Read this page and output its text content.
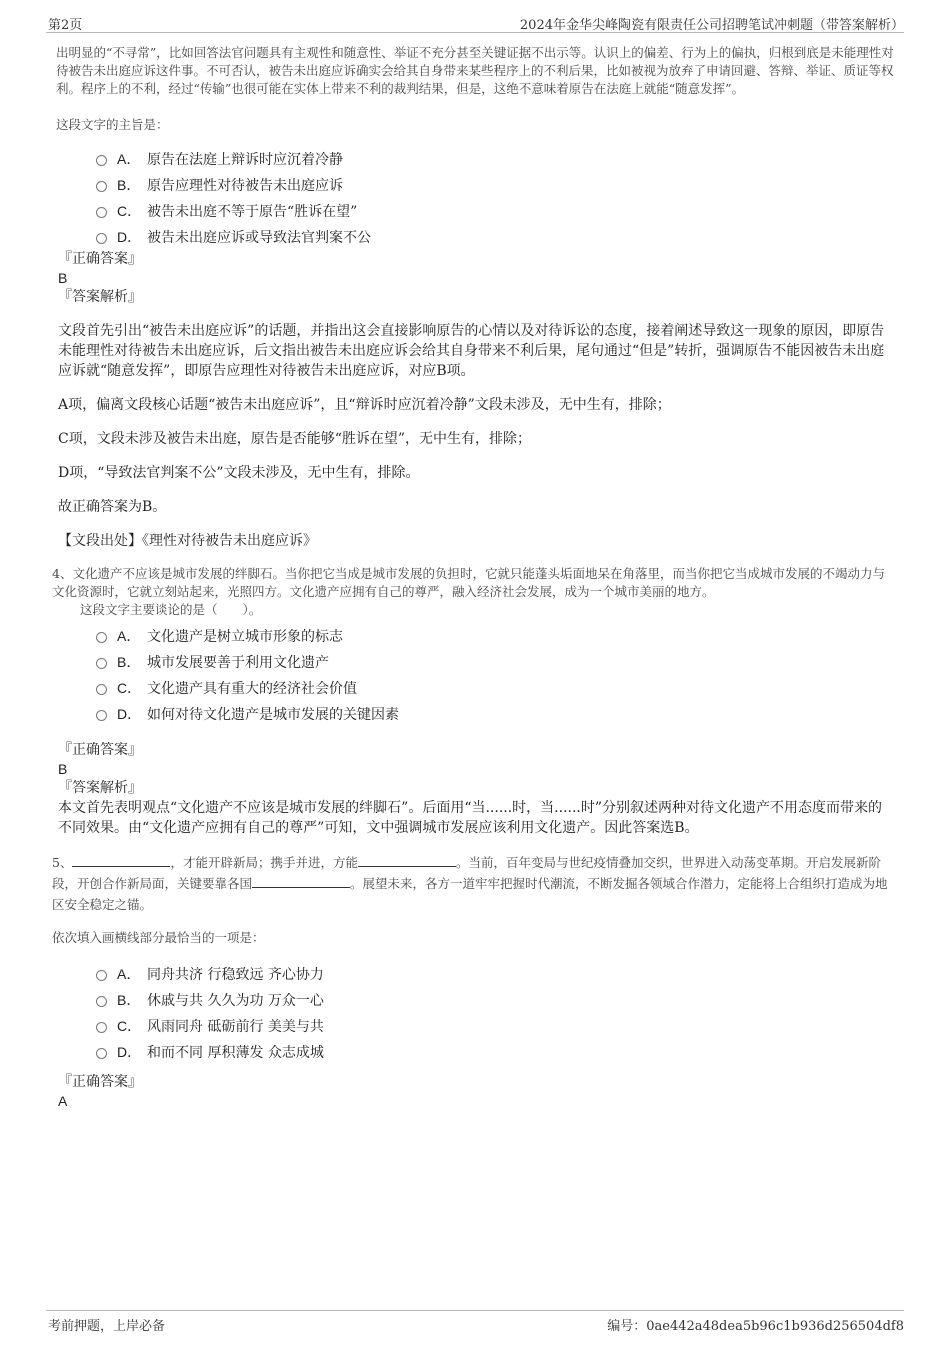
第2页	2024年金华尖峰陶瓷有限责任公司招聘笔试冲刺题（带答案解析）

出明显的“不寻常”，比如回答法官问题具有主观性和随意性、举证不充分甚至关键证据不出示等。认识上的偏差、行为上的偏执，归根到底是未能理性对待被告未出庭应诉这件事。不可否认，被告未出庭应诉确实会给其自身带来某些程序上的不利后果，比如被视为放弃了申请回避、答辩、举证、质证等权利。程序上的不利，经过“传输”也很可能在实体上带来不利的裁判结果，但是，这绝不意味着原告在法庭上就能“随意发挥”。

这段文字的主旨是：

A． 原告在法庭上辩诉时应沉着冷静
B． 原告应理性对待被告未出庭应诉
C． 被告未出庭不等于原告“胜诉在望”
D． 被告未出庭应诉或导致法官判案不公

『正确答案』

B

『答案解析』

文段首先引出“被告未出庭应诉”的话题，并指出这会直接影响原告的心情以及对待诉讼的态度，接着阐述导致这一现象的原因，即原告未能理性对待被告未出庭应诉，后文指出被告未出庭应诉会给其自身带来不利后果，尾句通过“但是”转折，强调原告不能因被告未出庭应诉就“随意发挥”，即原告应理性对待被告未出庭应诉，对应B项。

A项，偏离文段核心话题“被告未出庭应诉”，且“辩诉时应沉着冷静”文段未涉及，无中生有，排除；

C项，文段未涉及被告未出庭，原告是否能够“胜诉在望”，无中生有，排除；

D项，“导致法官判案不公”文段未涉及，无中生有，排除。

故正确答案为B。

【文段出处】《理性对待被告未出庭应诉》

4、文化遗产不应该是城市发展的绊脚石。当你把它当成是城市发展的负担时，它就只能蓬头垢面地呆在角落里，而当你把它当成城市发展的不竭动力与文化资源时，它就立刻站起来，光照四方。文化遗产应拥有自己的尊严，融入经济社会发展，成为一个城市美丽的地方。

这段文字主要谈论的是（　　）。

A． 文化遗产是树立城市形象的标志
B． 城市发展要善于利用文化遗产
C． 文化遗产具有重大的经济社会价值
D． 如何对待文化遗产是城市发展的关键因素

『正确答案』

B

『答案解析』

本文首先表明观点“文化遗产不应该是城市发展的绊脚石”。后面用“当......时，当......时”分别叙述两种对待文化遗产不用态度而带来的不同效果。由“文化遗产应拥有自己的尊严”可知，文中强调城市发展应该利用文化遗产。因此答案选B。

5、	，才能开辟新局；携手并进，方能	。当前，百年变局与世纪疫情叠加交织，世界进入动荡变革期。开启发展新阶段，开创合作新局面，关键要靠各国	。展望未来，各方一道牢牢把握时代潮流，不断发掘各领域合作潜力，定能将上合组织打造成为地区安全稳定之锚。

依次填入画横线部分最恰当的一项是：

A． 同舟共济 行稳致远 齐心协力
B． 休戚与共 久久为功 万众一心
C． 风雨同舟 砥砺前行 美美与共
D． 和而不同 厚积薄发 众志成城

『正确答案』

A

考前押题，上岸必备	编号：0ae442a48dea5b96c1b936d256504df8
